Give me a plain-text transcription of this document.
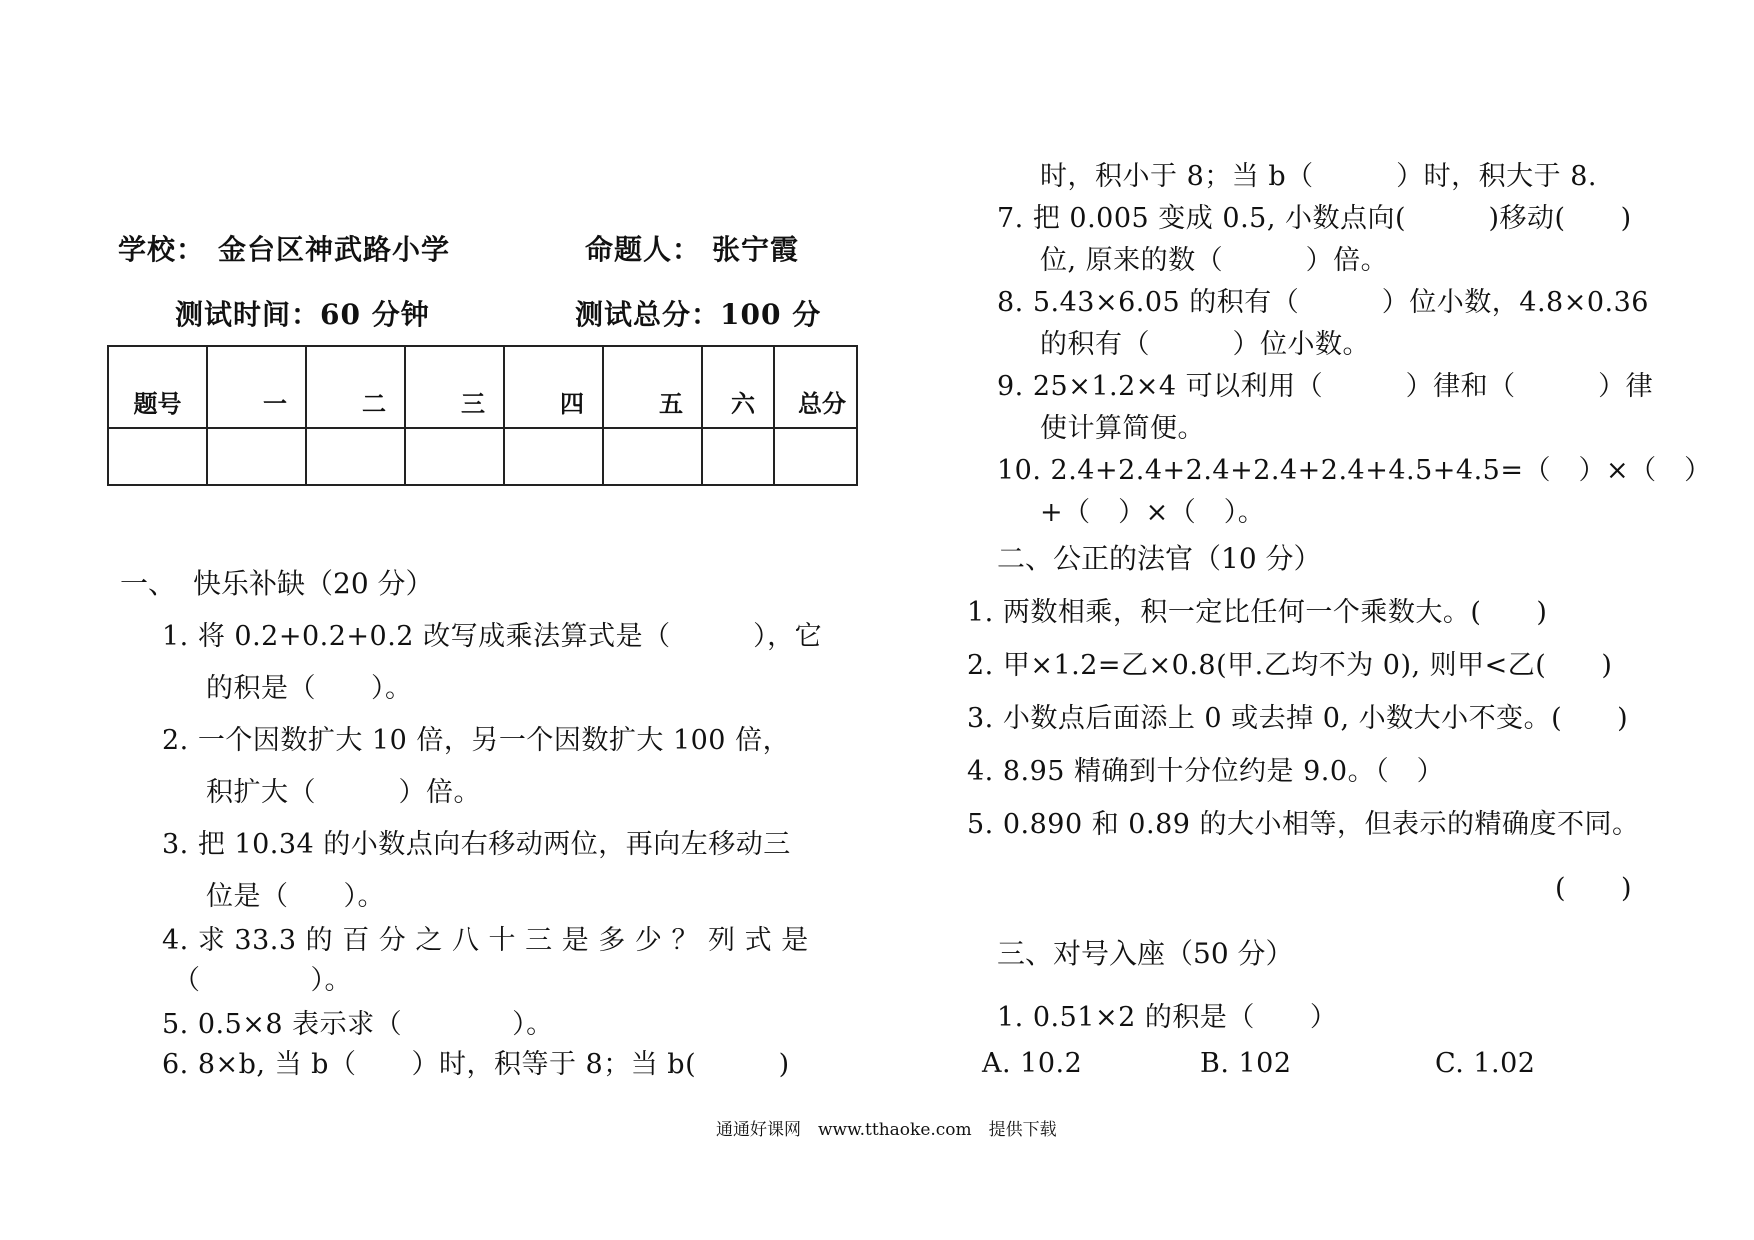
学校： 金台区神武路小学	命题人： 张宁霞
测试时间：60 分钟	测试总分：100 分
题号	一	二	三	四	五	六	总分

一、 快乐补缺（20 分）
1. 将 0.2+0.2+0.2 改写成乘法算式是（　　　），它
的积是（　　）。
2. 一个因数扩大 10 倍，另一个因数扩大 100 倍，
积扩大（　　　）倍。
3. 把 10.34 的小数点向右移动两位，再向左移动三
位是（　　）。
4. 求 33.3 的 百 分 之 八 十 三 是 多 少 ？ 列 式 是
（　　　　）。
5. 0.5×8 表示求（　　　　）。
6. 8×b, 当 b（　　）时，积等于 8；当 b(　　　)
时，积小于 8；当 b（　　　）时，积大于 8.
7. 把 0.005 变成 0.5, 小数点向(　　　)移动(　　)
位, 原来的数（　　　）倍。
8. 5.43×6.05 的积有（　　　）位小数，4.8×0.36
的积有（　　　）位小数。
9. 25×1.2×4 可以利用（　　　）律和（　　　）律
使计算简便。
10. 2.4+2.4+2.4+2.4+2.4+4.5+4.5=（　）×（　）
+（　）×（　）。
二、公正的法官（10 分）
1. 两数相乘，积一定比任何一个乘数大。(　　)
2. 甲×1.2=乙×0.8(甲.乙均不为 0), 则甲<乙(　　)
3. 小数点后面添上 0 或去掉 0, 小数大小不变。(　　)
4. 8.95 精确到十分位约是 9.0。（　）
5. 0.890 和 0.89 的大小相等，但表示的精确度不同。
(　　)
三、对号入座（50 分）
1. 0.51×2 的积是（　　）
A. 10.2	B. 102	C. 1.02
通通好课网　www.tthaoke.com　提供下载
